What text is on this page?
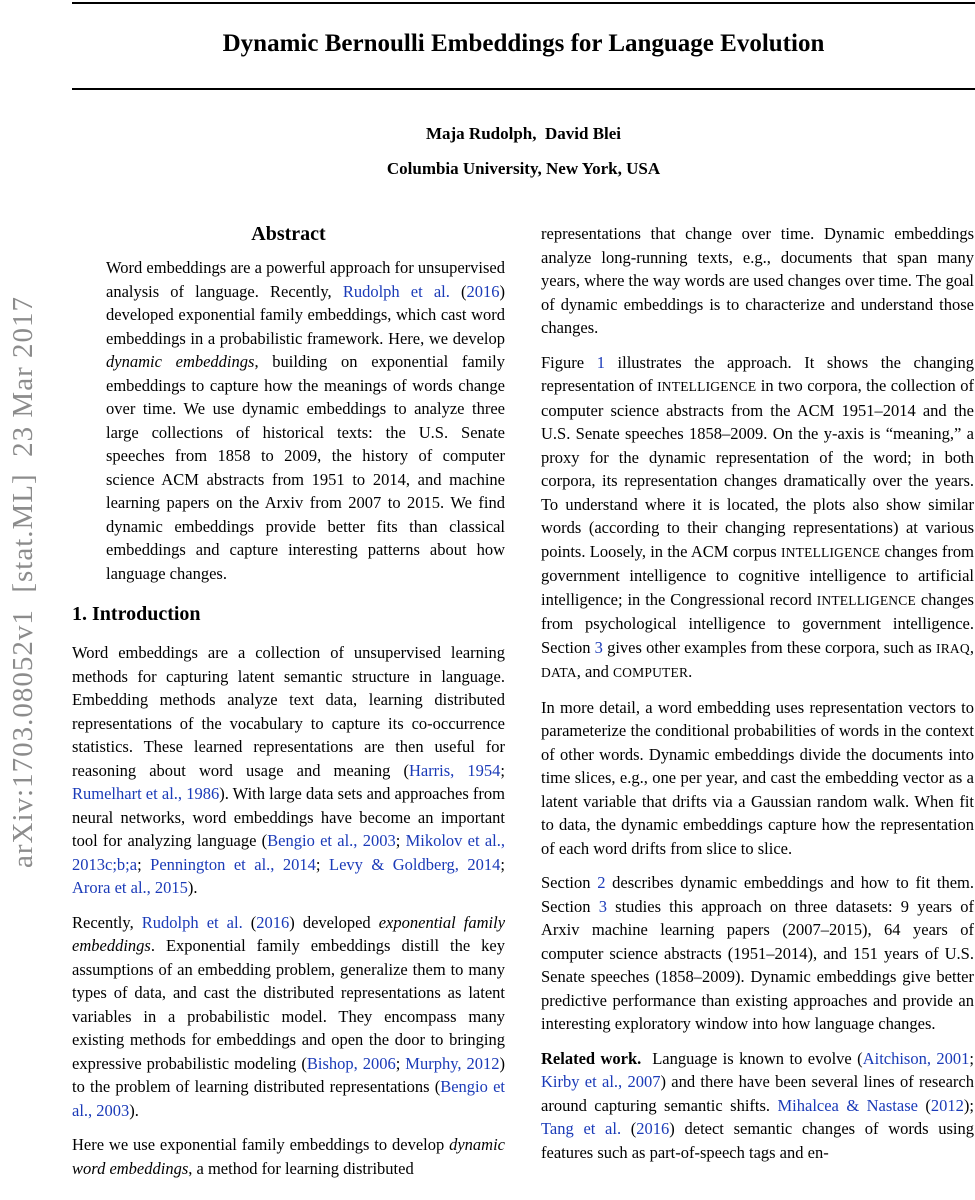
arXiv:1703.08052v1  [stat.ML]  23 Mar 2017
Dynamic Bernoulli Embeddings for Language Evolution
Maja Rudolph,  David Blei
Columbia University, New York, USA
Abstract

Word embeddings are a powerful approach for unsupervised analysis of language. Recently, Rudolph et al. (2016) developed exponential family embeddings, which cast word embeddings in a probabilistic framework. Here, we develop dynamic embeddings, building on exponential family embeddings to capture how the meanings of words change over time. We use dynamic embeddings to analyze three large collections of historical texts: the U.S. Senate speeches from 1858 to 2009, the history of computer science ACM abstracts from 1951 to 2014, and machine learning papers on the Arxiv from 2007 to 2015. We find dynamic embeddings provide better fits than classical embeddings and capture interesting patterns about how language changes.

1. Introduction

Word embeddings are a collection of unsupervised learning methods for capturing latent semantic structure in language. Embedding methods analyze text data, learning distributed representations of the vocabulary to capture its co-occurrence statistics. These learned representations are then useful for reasoning about word usage and meaning (Harris, 1954; Rumelhart et al., 1986). With large data sets and approaches from neural networks, word embeddings have become an important tool for analyzing language (Bengio et al., 2003; Mikolov et al., 2013c;b;a; Pennington et al., 2014; Levy & Goldberg, 2014; Arora et al., 2015).

Recently, Rudolph et al. (2016) developed exponential family embeddings. Exponential family embeddings distill the key assumptions of an embedding problem, generalize them to many types of data, and cast the distributed representations as latent variables in a probabilistic model. They encompass many existing methods for embeddings and open the door to bringing expressive probabilistic modeling (Bishop, 2006; Murphy, 2012) to the problem of learning distributed representations (Bengio et al., 2003).

Here we use exponential family embeddings to develop dynamic word embeddings, a method for learning distributed

representations that change over time. Dynamic embeddings analyze long-running texts, e.g., documents that span many years, where the way words are used changes over time. The goal of dynamic embeddings is to characterize and understand those changes.

Figure 1 illustrates the approach. It shows the changing representation of INTELLIGENCE in two corpora, the collection of computer science abstracts from the ACM 1951–2014 and the U.S. Senate speeches 1858–2009. On the y-axis is “meaning,” a proxy for the dynamic representation of the word; in both corpora, its representation changes dramatically over the years. To understand where it is located, the plots also show similar words (according to their changing representations) at various points. Loosely, in the ACM corpus INTELLIGENCE changes from government intelligence to cognitive intelligence to artificial intelligence; in the Congressional record INTELLIGENCE changes from psychological intelligence to government intelligence. Section 3 gives other examples from these corpora, such as IRAQ, DATA, and COMPUTER.

In more detail, a word embedding uses representation vectors to parameterize the conditional probabilities of words in the context of other words. Dynamic embeddings divide the documents into time slices, e.g., one per year, and cast the embedding vector as a latent variable that drifts via a Gaussian random walk. When fit to data, the dynamic embeddings capture how the representation of each word drifts from slice to slice.

Section 2 describes dynamic embeddings and how to fit them. Section 3 studies this approach on three datasets: 9 years of Arxiv machine learning papers (2007–2015), 64 years of computer science abstracts (1951–2014), and 151 years of U.S. Senate speeches (1858–2009). Dynamic embeddings give better predictive performance than existing approaches and provide an interesting exploratory window into how language changes.

Related work.  Language is known to evolve (Aitchison, 2001; Kirby et al., 2007) and there have been several lines of research around capturing semantic shifts. Mihalcea & Nastase (2012); Tang et al. (2016) detect semantic changes of words using features such as part-of-speech tags and en-
